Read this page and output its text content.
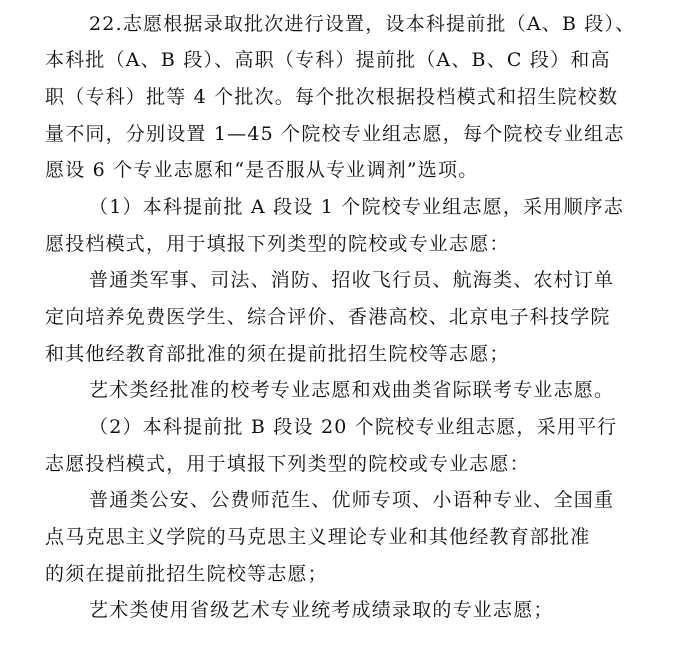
22.志愿根据录取批次进行设置，设本科提前批（A、B 段）、
本科批（A、B 段）、高职（专科）提前批（A、B、C 段）和高
职（专科）批等 4 个批次。每个批次根据投档模式和招生院校数
量不同，分别设置 1—45 个院校专业组志愿，每个院校专业组志
愿设 6 个专业志愿和“是否服从专业调剂”选项。
（1）本科提前批 A 段设 1 个院校专业组志愿，采用顺序志
愿投档模式，用于填报下列类型的院校或专业志愿：
普通类军事、司法、消防、招收飞行员、航海类、农村订单
定向培养免费医学生、综合评价、香港高校、北京电子科技学院
和其他经教育部批准的须在提前批招生院校等志愿；
艺术类经批准的校考专业志愿和戏曲类省际联考专业志愿。
（2）本科提前批 B 段设 20 个院校专业组志愿，采用平行
志愿投档模式，用于填报下列类型的院校或专业志愿：
普通类公安、公费师范生、优师专项、小语种专业、全国重
点马克思主义学院的马克思主义理论专业和其他经教育部批准
的须在提前批招生院校等志愿；
艺术类使用省级艺术专业统考成绩录取的专业志愿；
